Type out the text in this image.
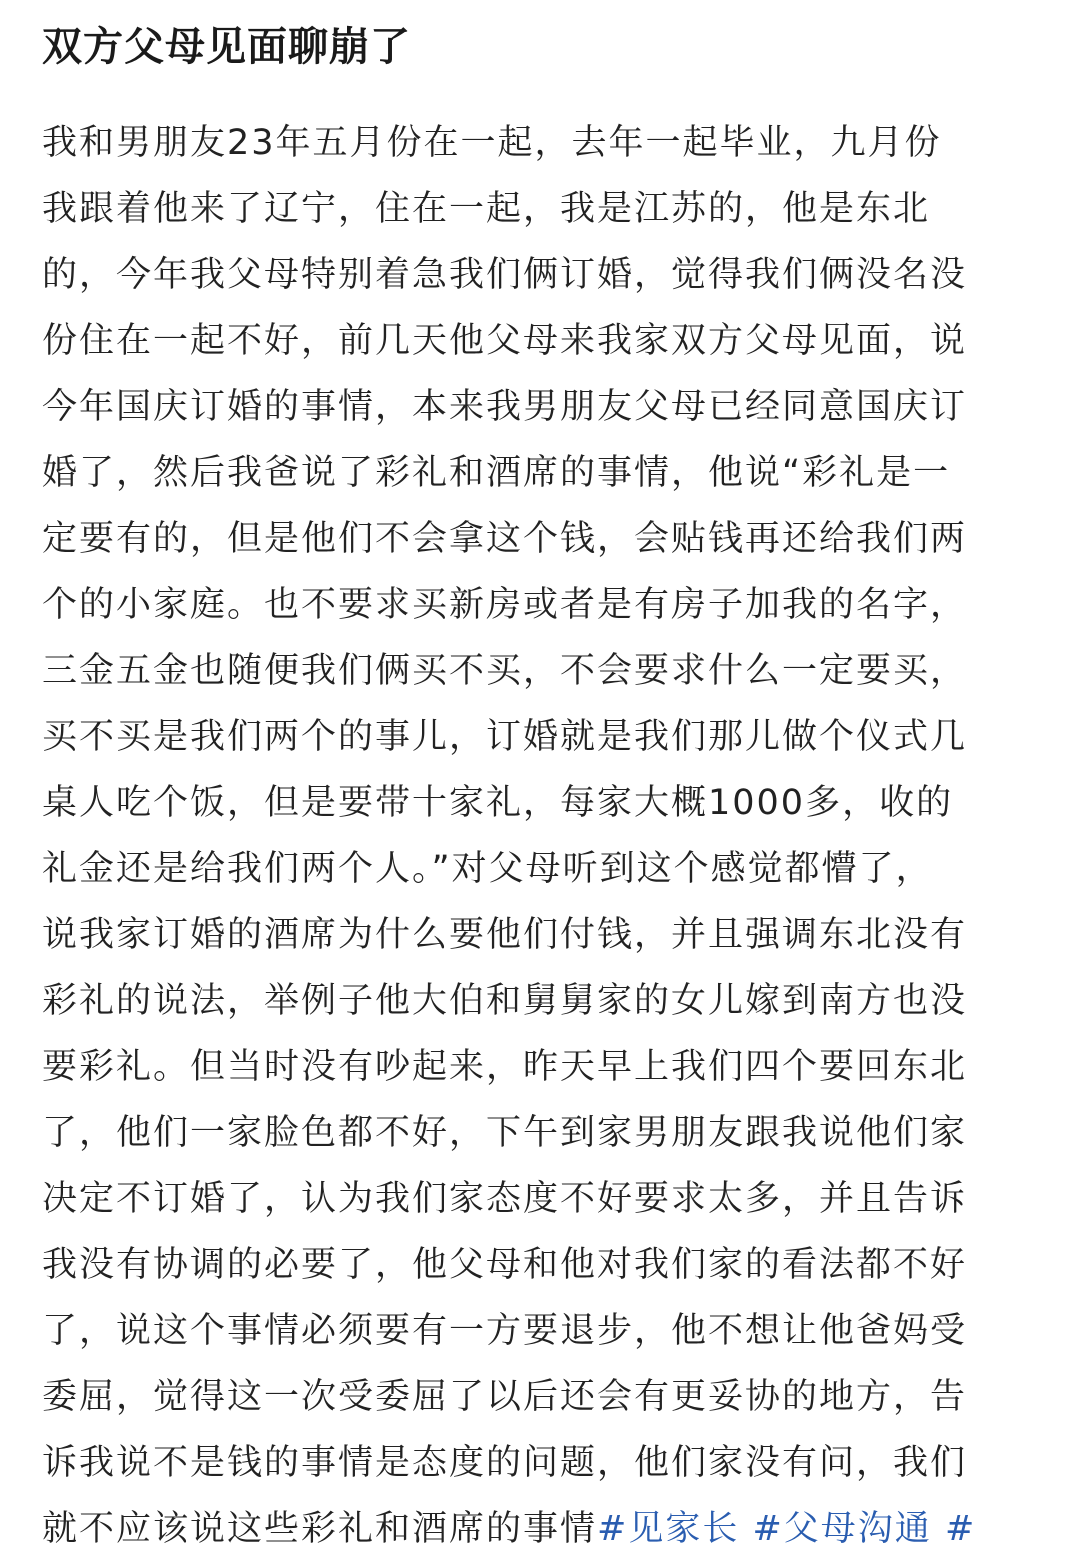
双方父母见面聊崩了
我和男朋友23年五月份在一起，去年一起毕业，九月份
我跟着他来了辽宁，住在一起，我是江苏的，他是东北
的，今年我父母特别着急我们俩订婚，觉得我们俩没名没
份住在一起不好，前几天他父母来我家双方父母见面，说
今年国庆订婚的事情，本来我男朋友父母已经同意国庆订
婚了，然后我爸说了彩礼和酒席的事情，他说“彩礼是一
定要有的，但是他们不会拿这个钱，会贴钱再还给我们两
个的小家庭。也不要求买新房或者是有房子加我的名字，
三金五金也随便我们俩买不买，不会要求什么一定要买，
买不买是我们两个的事儿，订婚就是我们那儿做个仪式几
桌人吃个饭，但是要带十家礼，每家大概1000多，收的
礼金还是给我们两个人。”对父母听到这个感觉都懵了，
说我家订婚的酒席为什么要他们付钱，并且强调东北没有
彩礼的说法，举例子他大伯和舅舅家的女儿嫁到南方也没
要彩礼。但当时没有吵起来，昨天早上我们四个要回东北
了，他们一家脸色都不好，下午到家男朋友跟我说他们家
决定不订婚了，认为我们家态度不好要求太多，并且告诉
我没有协调的必要了，他父母和他对我们家的看法都不好
了，说这个事情必须要有一方要退步，他不想让他爸妈受
委屈，觉得这一次受委屈了以后还会有更妥协的地方，告
诉我说不是钱的事情是态度的问题，他们家没有问，我们
就不应该说这些彩礼和酒席的事情#见家长 #父母沟通 #
